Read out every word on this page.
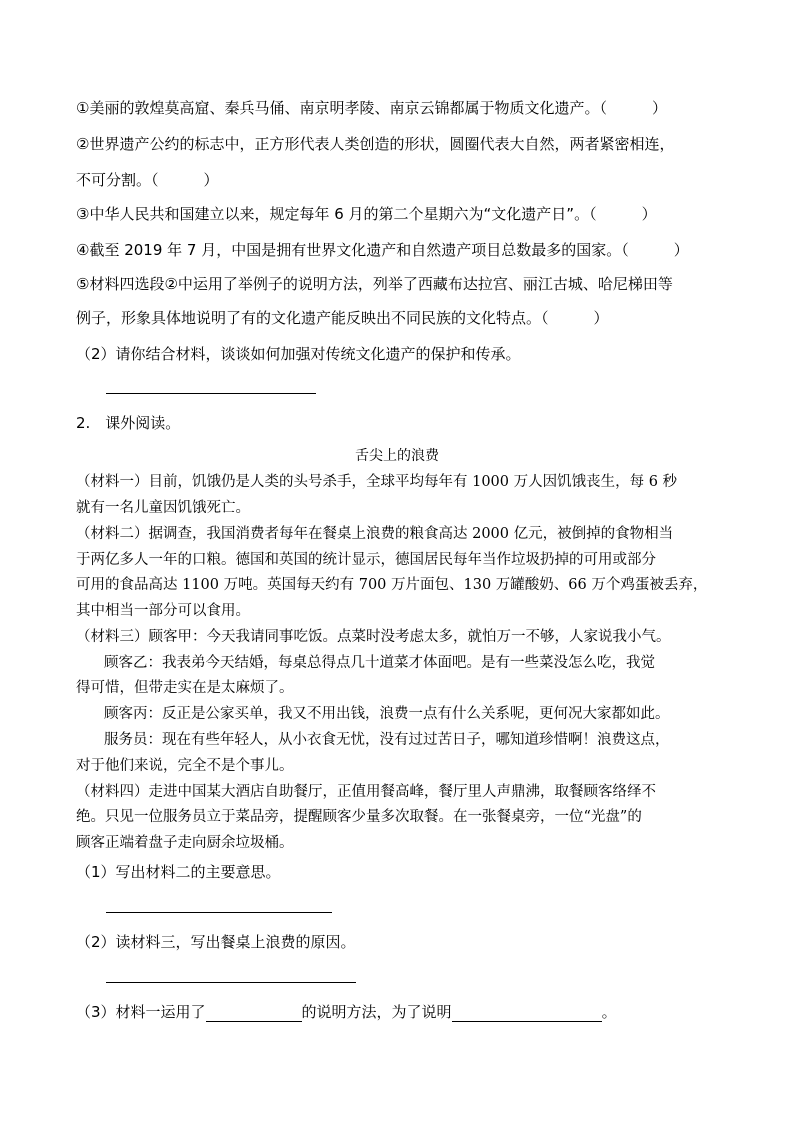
①美丽的敦煌莫高窟、秦兵马俑、南京明孝陵、南京云锦都属于物质文化遗产。（　　　）
②世界遗产公约的标志中，正方形代表人类创造的形状，圆圈代表大自然，两者紧密相连，
不可分割。（　　　）
③中华人民共和国建立以来，规定每年 6 月的第二个星期六为“文化遗产日”。（　　　）
④截至 2019 年 7 月，中国是拥有世界文化遗产和自然遗产项目总数最多的国家。（　　　）
⑤材料四选段②中运用了举例子的说明方法，列举了西藏布达拉宫、丽江古城、哈尼梯田等
例子，形象具体地说明了有的文化遗产能反映出不同民族的文化特点。（　　　）
（2）请你结合材料，谈谈如何加强对传统文化遗产的保护和传承。
2.　课外阅读。
舌尖上的浪费
（材料一）目前，饥饿仍是人类的头号杀手，全球平均每年有 1000 万人因饥饿丧生，每 6 秒
就有一名儿童因饥饿死亡。
（材料二）据调查，我国消费者每年在餐桌上浪费的粮食高达 2000 亿元，被倒掉的食物相当
于两亿多人一年的口粮。德国和英国的统计显示，德国居民每年当作垃圾扔掉的可用或部分
可用的食品高达 1100 万吨。英国每天约有 700 万片面包、130 万罐酸奶、66 万个鸡蛋被丢弃，
其中相当一部分可以食用。
（材料三）顾客甲：今天我请同事吃饭。点菜时没考虑太多，就怕万一不够，人家说我小气。
顾客乙：我表弟今天结婚，每桌总得点几十道菜才体面吧。是有一些菜没怎么吃，我觉
得可惜，但带走实在是太麻烦了。
顾客丙：反正是公家买单，我又不用出钱，浪费一点有什么关系呢，更何况大家都如此。
服务员：现在有些年轻人，从小衣食无忧，没有过过苦日子，哪知道珍惜啊！浪费这点，
对于他们来说，完全不是个事儿。
（材料四）走进中国某大酒店自助餐厅，正值用餐高峰，餐厅里人声鼎沸，取餐顾客络绎不
绝。只见一位服务员立于菜品旁，提醒顾客少量多次取餐。在一张餐桌旁，一位“光盘”的
顾客正端着盘子走向厨余垃圾桶。
（1）写出材料二的主要意思。
（2）读材料三，写出餐桌上浪费的原因。
（3）材料一运用了	的说明方法，为了说明	。
